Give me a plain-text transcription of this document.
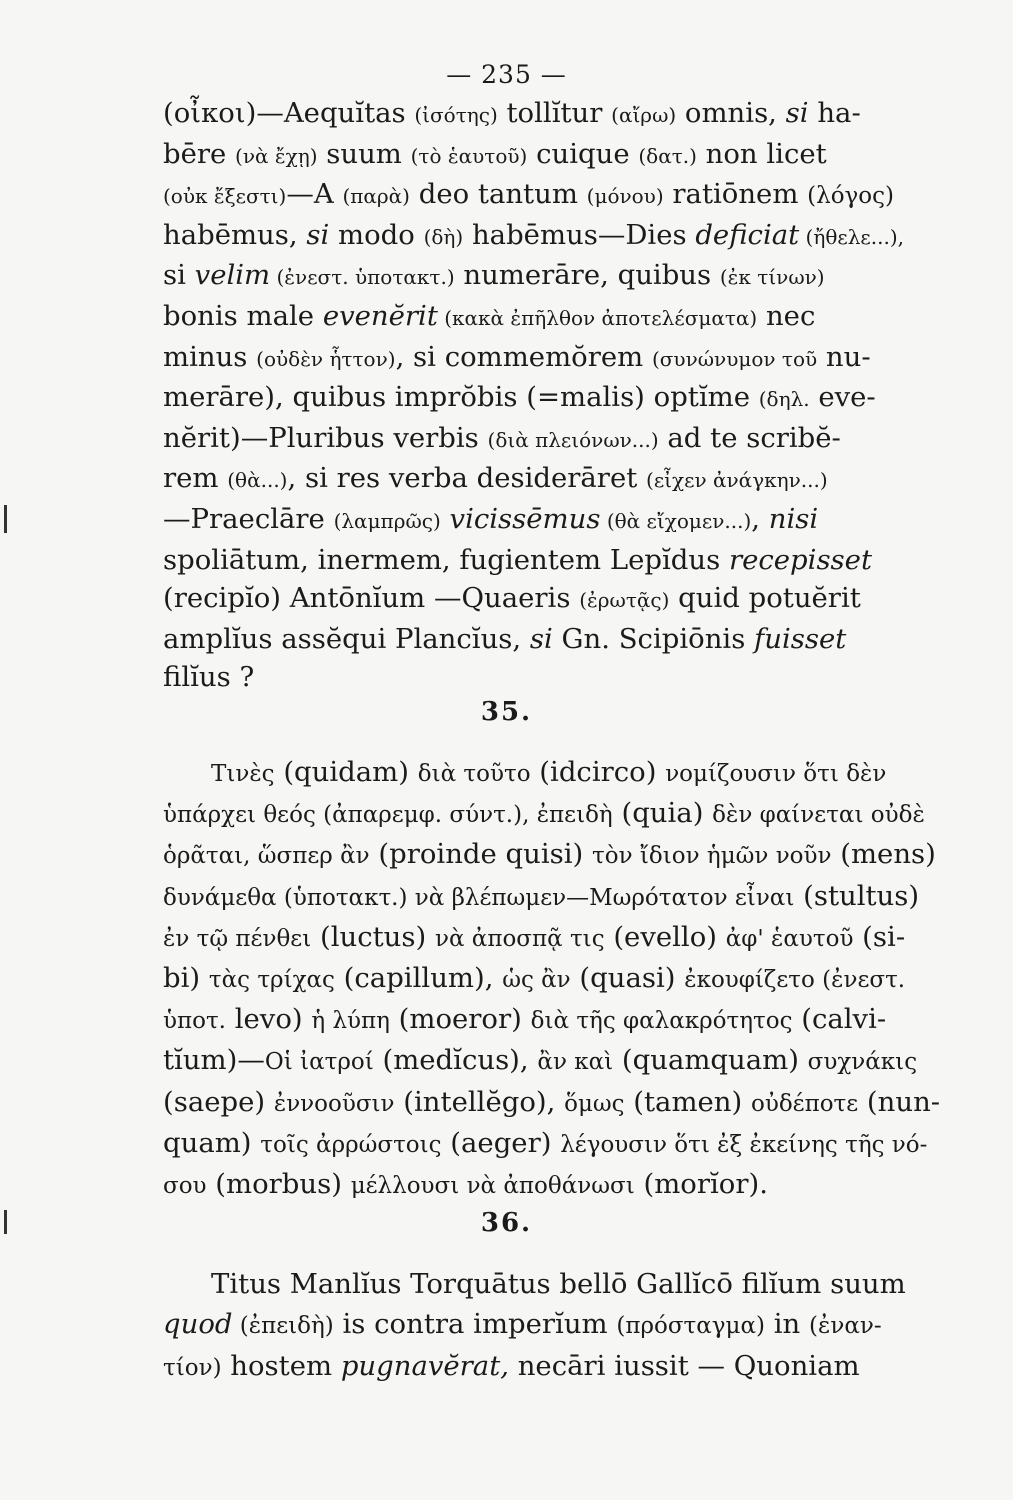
— 235 —

(οἶκοι)—Aequĭtas (ἰσότης) tollĭtur (αἴρω) omnis, si ha-

bēre (νὰ ἔχῃ) suum (τὸ ἑαυτοῦ) cuique (δατ.) non licet

(οὐκ ἔξεστι)—A (παρὰ) deo tantum (μόνου) ratiōnem (λόγος)

habēmus, si modo (δὴ) habēmus—Dies deficiat (ἤθελε...),

si velim (ἐνεστ. ὑποτακτ.) numerāre, quibus (ἐκ τίνων)

bonis male evenĕrit (κακὰ ἐπῆλθον ἀποτελέσματα) nec

minus (οὐδὲν ἧττον), si commemŏrem (συνώνυμον τοῦ nu-

merāre), quibus imprŏbis (=malis) optĭme (δηλ. eve-

nĕrit)—Pluribus verbis (διὰ πλειόνων...) ad te scribĕ-

rem (θὰ...), si res verba desiderāret (εἶχεν ἀνάγκην...)

—Praeclāre (λαμπρῶς) vicissēmus (θὰ εἴχομεν...), nisi

spoliātum, inermem, fugientem Lepĭdus recepisset

(recipĭo) Antōnĭum —Quaeris (ἐρωτᾷς) quid potuĕrit

amplĭus assĕqui Plancĭus, si Gn. Scipiōnis fuisset

filĭus ?

35.

Τινὲς (quidam) διὰ τοῦτο (idcirco) νομίζουσιν ὅτι δὲν

ὑπάρχει θεός (ἀπαρεμφ. σύντ.), ἐπειδὴ (quia) δὲν φαίνεται οὐδὲ

ὁρᾶται, ὥσπερ ἂν (proinde quisi) τὸν ἴδιον ἡμῶν νοῦν (mens)

δυνάμεθα (ὑποτακτ.) νὰ βλέπωμεν—Μωρότατον εἶναι (stultus)

ἐν τῷ πένθει (luctus) νὰ ἀποσπᾷ τις (evello) ἀφ' ἑαυτοῦ (si-

bi) τὰς τρίχας (capillum), ὡς ἂν (quasi) ἐκουφίζετο (ἐνεστ.

ὑποτ. levo) ἡ λύπη (moeror) διὰ τῆς φαλακρότητος (calvi-

tĭum)—Οἱ ἰατροί (medĭcus), ἂν καὶ (quamquam) συχνάκις

(saepe) ἐννοοῦσιν (intellĕgo), ὅμως (tamen) οὐδέποτε (nun-

quam) τοῖς ἀρρώστοις (aeger) λέγουσιν ὅτι ἐξ ἐκείνης τῆς νό-

σου (morbus) μέλλουσι νὰ ἀποθάνωσι (morĭor).

36.

Titus Manlĭus Torquātus bellō Gallĭcō filĭum suum

quod (ἐπειδὴ) is contra imperĭum (πρόσταγμα) in (ἐναν-

τίον) hostem pugnavĕrat, necāri iussit — Quoniam
